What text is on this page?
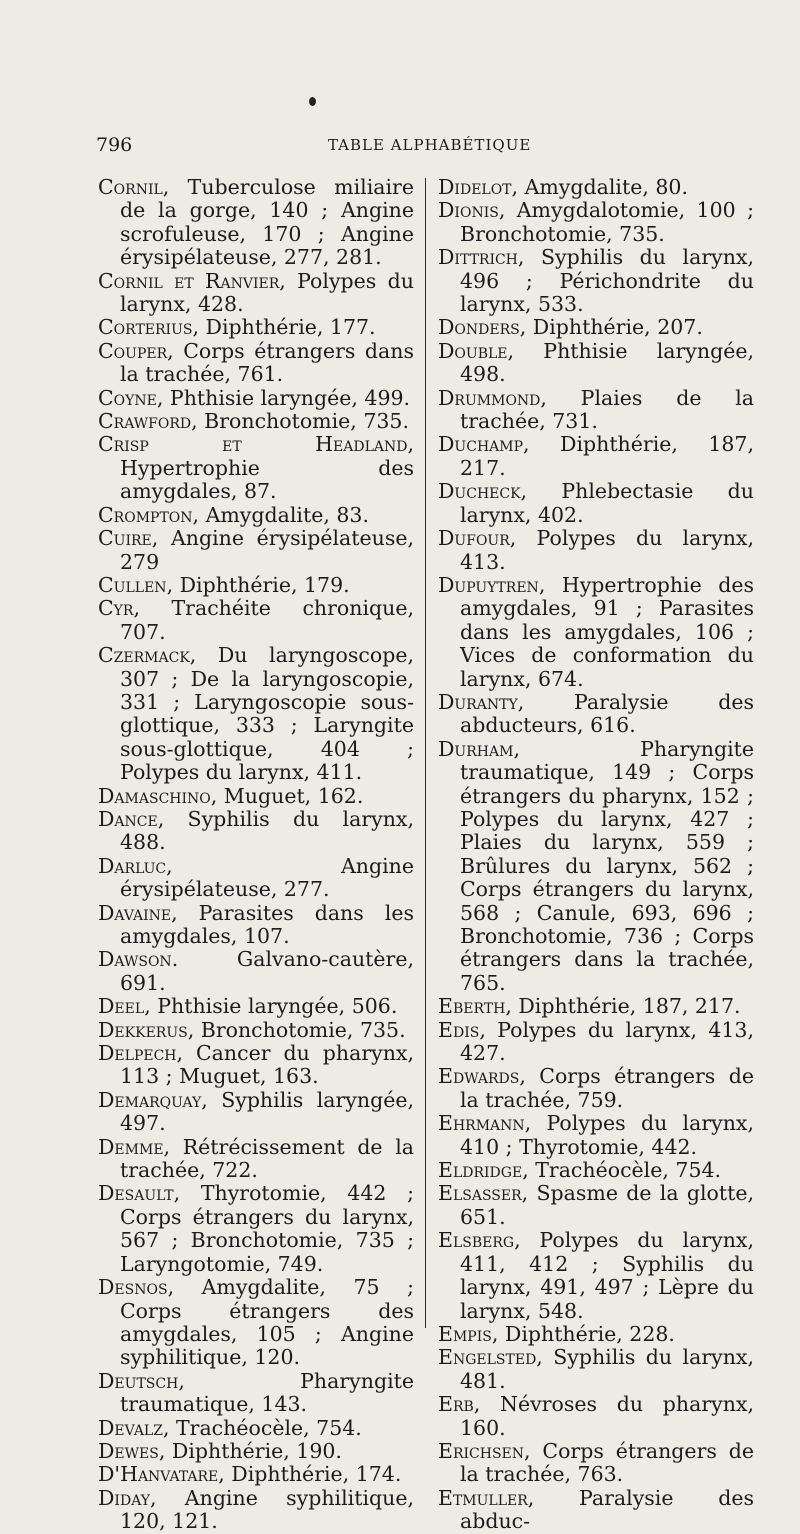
796	TABLE ALPHABÉTIQUE

Cornil, Tuberculose miliaire de la gorge, 140 ; Angine scrofuleuse, 170 ; Angine érysipélateuse, 277, 281.

Cornil et Ranvier, Polypes du larynx, 428.

Corterius, Diphthérie, 177.

Couper, Corps étrangers dans la trachée, 761.

Coyne, Phthisie laryngée, 499.

Crawford, Bronchotomie, 735.

Crisp et Headland, Hypertrophie des amygdales, 87.

Crompton, Amygdalite, 83.

Cuire, Angine érysipélateuse, 279

Cullen, Diphthérie, 179.

Cyr, Trachéite chronique, 707.

Czermack, Du laryngoscope, 307 ; De la laryngoscopie, 331 ; Laryngoscopie sous-glottique, 333 ; Laryngite sous-glottique, 404 ; Polypes du larynx, 411.

Damaschino, Muguet, 162.

Dance, Syphilis du larynx, 488.

Darluc, Angine érysipélateuse, 277.

Davaine, Parasites dans les amygdales, 107.

Dawson. Galvano-cautère, 691.

Deel, Phthisie laryngée, 506.

Dekkerus, Bronchotomie, 735.

Delpech, Cancer du pharynx, 113 ; Muguet, 163.

Demarquay, Syphilis laryngée, 497.

Demme, Rétrécissement de la trachée, 722.

Desault, Thyrotomie, 442 ; Corps étrangers du larynx, 567 ; Bronchotomie, 735 ; Laryngotomie, 749.

Desnos, Amygdalite, 75 ; Corps étrangers des amygdales, 105 ; Angine syphilitique, 120.

Deutsch, Pharyngite traumatique, 143.

Devalz, Trachéocèle, 754.

Dewes, Diphthérie, 190.

D'Hanvatare, Diphthérie, 174.

Diday, Angine syphilitique, 120, 121.

Didelot, Amygdalite, 80.

Dionis, Amygdalotomie, 100 ; Bronchotomie, 735.

Dittrich, Syphilis du larynx, 496 ; Périchondrite du larynx, 533.

Donders, Diphthérie, 207.

Double, Phthisie laryngée, 498.

Drummond, Plaies de la trachée, 731.

Duchamp, Diphthérie, 187, 217.

Ducheck, Phlebectasie du larynx, 402.

Dufour, Polypes du larynx, 413.

Dupuytren, Hypertrophie des amygdales, 91 ; Parasites dans les amygdales, 106 ; Vices de conformation du larynx, 674.

Duranty, Paralysie des abducteurs, 616.

Durham, Pharyngite traumatique, 149 ; Corps étrangers du pharynx, 152 ; Polypes du larynx, 427 ; Plaies du larynx, 559 ; Brûlures du larynx, 562 ; Corps étrangers du larynx, 568 ; Canule, 693, 696 ; Bronchotomie, 736 ; Corps étrangers dans la trachée, 765.

Eberth, Diphthérie, 187, 217.

Edis, Polypes du larynx, 413, 427.

Edwards, Corps étrangers de la trachée, 759.

Ehrmann, Polypes du larynx, 410 ; Thyrotomie, 442.

Eldridge, Trachéocèle, 754.

Elsasser, Spasme de la glotte, 651.

Elsberg, Polypes du larynx, 411, 412 ; Syphilis du larynx, 491, 497 ; Lèpre du larynx, 548.

Empis, Diphthérie, 228.

Engelsted, Syphilis du larynx, 481.

Erb, Névroses du pharynx, 160.

Erichsen, Corps étrangers de la trachée, 763.

Etmuller, Paralysie des abduc-
